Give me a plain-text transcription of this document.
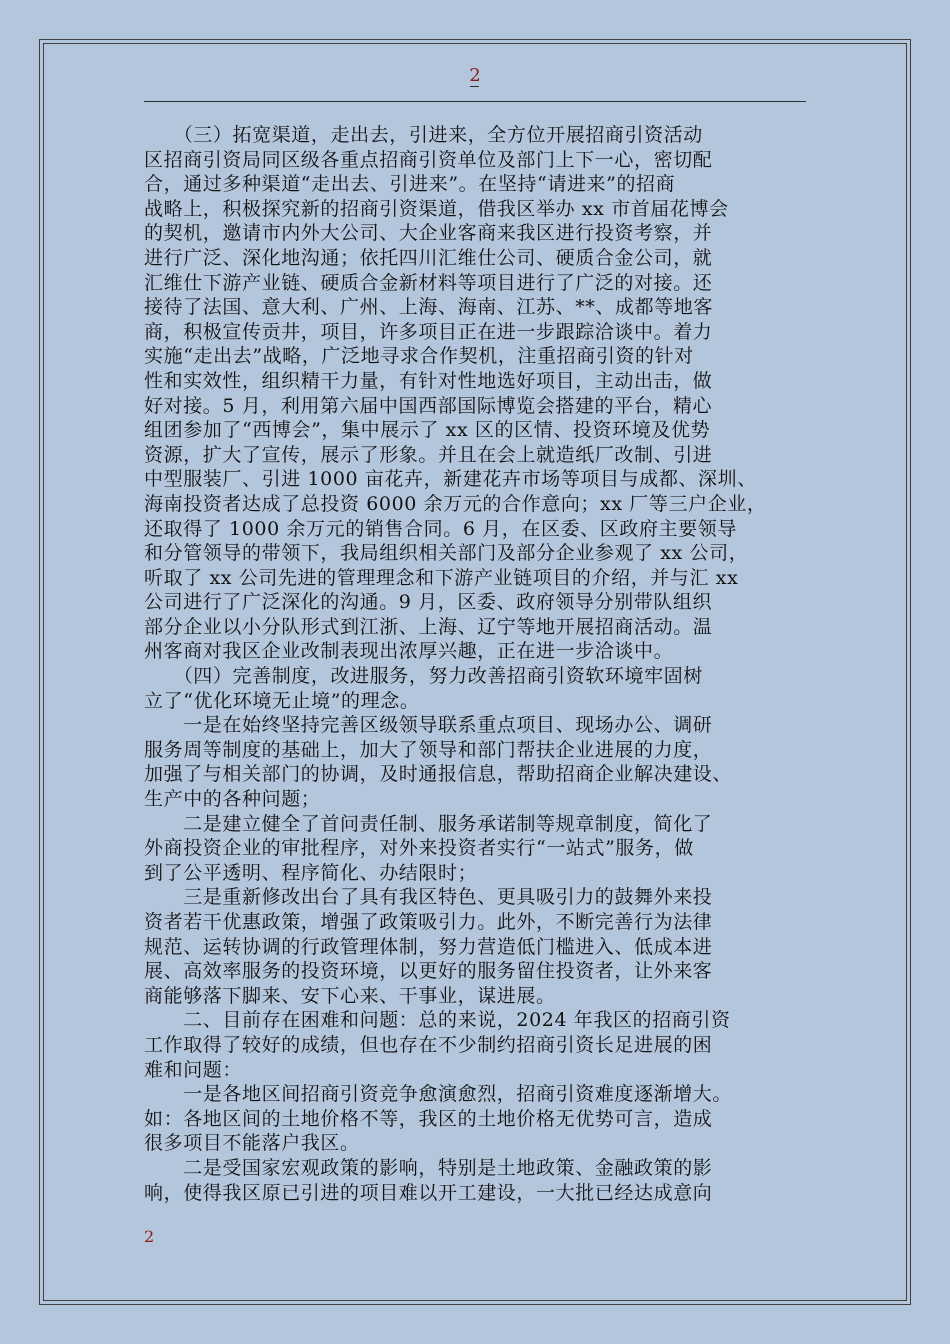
2
　　（三）拓宽渠道，走出去，引进来，全方位开展招商引资活动
区招商引资局同区级各重点招商引资单位及部门上下一心，密切配
合，通过多种渠道“走出去、引进来”。在坚持“请进来”的招商
战略上，积极探究新的招商引资渠道，借我区举办 xx 市首届花博会
的契机，邀请市内外大公司、大企业客商来我区进行投资考察，并
进行广泛、深化地沟通；依托四川汇维仕公司、硬质合金公司，就
汇维仕下游产业链、硬质合金新材料等项目进行了广泛的对接。还
接待了法国、意大利、广州、上海、海南、江苏、**、成都等地客
商，积极宣传贡井，项目，许多项目正在进一步跟踪洽谈中。着力
实施“走出去”战略，广泛地寻求合作契机，注重招商引资的针对
性和实效性，组织精干力量，有针对性地选好项目，主动出击，做
好对接。5 月，利用第六届中国西部国际博览会搭建的平台，精心
组团参加了“西博会”，集中展示了 xx 区的区情、投资环境及优势
资源，扩大了宣传，展示了形象。并且在会上就造纸厂改制、引进
中型服装厂、引进 1000 亩花卉，新建花卉市场等项目与成都、深圳、
海南投资者达成了总投资 6000 余万元的合作意向；xx 厂等三户企业，
还取得了 1000 余万元的销售合同。6 月，在区委、区政府主要领导
和分管领导的带领下，我局组织相关部门及部分企业参观了 xx 公司，
听取了 xx 公司先进的管理理念和下游产业链项目的介绍，并与汇 xx
公司进行了广泛深化的沟通。9 月，区委、政府领导分别带队组织
部分企业以小分队形式到江浙、上海、辽宁等地开展招商活动。温
州客商对我区企业改制表现出浓厚兴趣，正在进一步洽谈中。
　　（四）完善制度，改进服务，努力改善招商引资软环境牢固树
立了“优化环境无止境”的理念。
　　一是在始终坚持完善区级领导联系重点项目、现场办公、调研
服务周等制度的基础上，加大了领导和部门帮扶企业进展的力度，
加强了与相关部门的协调，及时通报信息，帮助招商企业解决建设、
生产中的各种问题；
　　二是建立健全了首问责任制、服务承诺制等规章制度，简化了
外商投资企业的审批程序，对外来投资者实行“一站式”服务，做
到了公平透明、程序简化、办结限时；
　　三是重新修改出台了具有我区特色、更具吸引力的鼓舞外来投
资者若干优惠政策，增强了政策吸引力。此外，不断完善行为法律
规范、运转协调的行政管理体制，努力营造低门槛进入、低成本进
展、高效率服务的投资环境，以更好的服务留住投资者，让外来客
商能够落下脚来、安下心来、干事业，谋进展。
　　二、目前存在困难和问题：总的来说，2024 年我区的招商引资
工作取得了较好的成绩，但也存在不少制约招商引资长足进展的困
难和问题：
　　一是各地区间招商引资竞争愈演愈烈，招商引资难度逐渐增大。
如：各地区间的土地价格不等，我区的土地价格无优势可言，造成
很多项目不能落户我区。
　　二是受国家宏观政策的影响，特别是土地政策、金融政策的影
响，使得我区原已引进的项目难以开工建设，一大批已经达成意向
2
